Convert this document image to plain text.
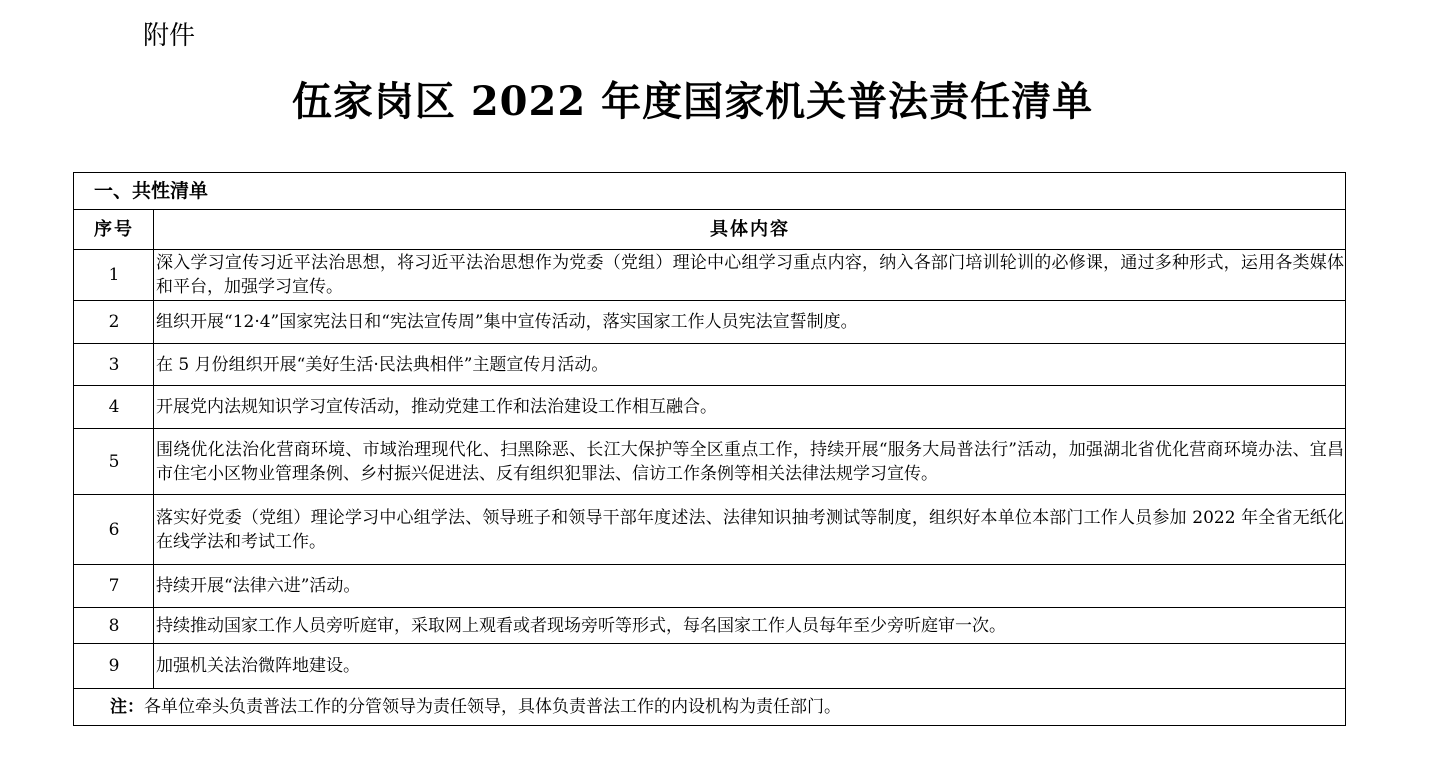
附件
伍家岗区 2022 年度国家机关普法责任清单
一、共性清单	
序号	具体内容
1	深入学习宣传习近平法治思想，将习近平法治思想作为党委（党组）理论中心组学习重点内容，纳入各部门培训轮训的必修课，通过多种形式，运用各类媒体和平台，加强学习宣传。
2	组织开展“12·4”国家宪法日和“宪法宣传周”集中宣传活动，落实国家工作人员宪法宣誓制度。
3	在 5 月份组织开展“美好生活·民法典相伴”主题宣传月活动。
4	开展党内法规知识学习宣传活动，推动党建工作和法治建设工作相互融合。
5	围绕优化法治化营商环境、市域治理现代化、扫黑除恶、长江大保护等全区重点工作，持续开展“服务大局普法行”活动，加强湖北省优化营商环境办法、宜昌市住宅小区物业管理条例、乡村振兴促进法、反有组织犯罪法、信访工作条例等相关法律法规学习宣传。
6	落实好党委（党组）理论学习中心组学法、领导班子和领导干部年度述法、法律知识抽考测试等制度，组织好本单位本部门工作人员参加 2022 年全省无纸化在线学法和考试工作。
7	持续开展“法律六进”活动。
8	持续推动国家工作人员旁听庭审，采取网上观看或者现场旁听等形式，每名国家工作人员每年至少旁听庭审一次。
9	加强机关法治微阵地建设。
注：各单位牵头负责普法工作的分管领导为责任领导，具体负责普法工作的内设机构为责任部门。	
